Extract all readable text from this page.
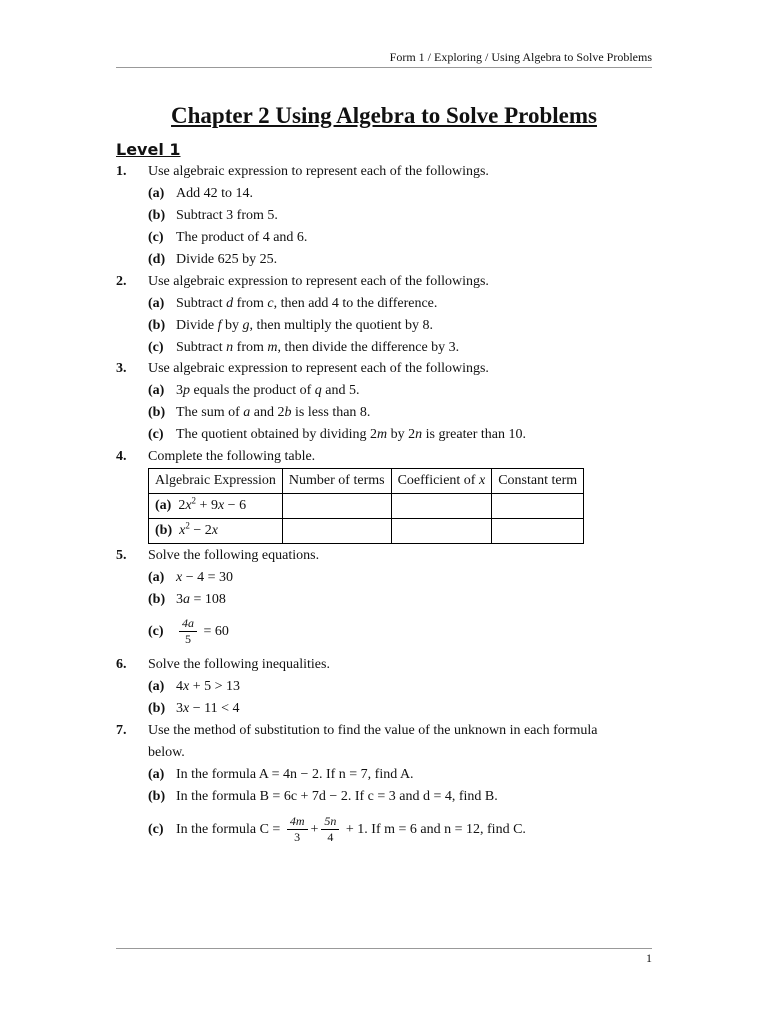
Form 1 / Exploring / Using Algebra to Solve Problems
Chapter 2 Using Algebra to Solve Problems
Level 1
1. Use algebraic expression to represent each of the followings.
(a) Add 42 to 14.
(b) Subtract 3 from 5.
(c) The product of 4 and 6.
(d) Divide 625 by 25.
2. Use algebraic expression to represent each of the followings.
(a) Subtract d from c, then add 4 to the difference.
(b) Divide f by g, then multiply the quotient by 8.
(c) Subtract n from m, then divide the difference by 3.
3. Use algebraic expression to represent each of the followings.
(a) 3p equals the product of q and 5.
(b) The sum of a and 2b is less than 8.
(c) The quotient obtained by dividing 2m by 2n is greater than 10.
4. Complete the following table.
Algebraic Expression	Number of terms	Coefficient of x	Constant term
(a) $2x^2 + 9x - 6$			
(b) $x^2 - 2x$			
5. Solve the following equations.
(a) x − 4 = 30
(b) 3a = 108
$(c) \frac{4a}{5} = 60$
6. Solve the following inequalities.
(a) 4x + 5 > 13
(b) 3x − 11 < 4
7. Use the method of substitution to find the value of the unknown in each formula
below.
(a) In the formula A = 4n − 2. If n = 7, find A.
(b) In the formula B = 6c + 7d − 2. If c = 3 and d = 4, find B.
(c) In the formula $C = \frac{4m}{3} + \frac{5n}{4} + 1$. If m = 6 and n = 12, find C.
1
